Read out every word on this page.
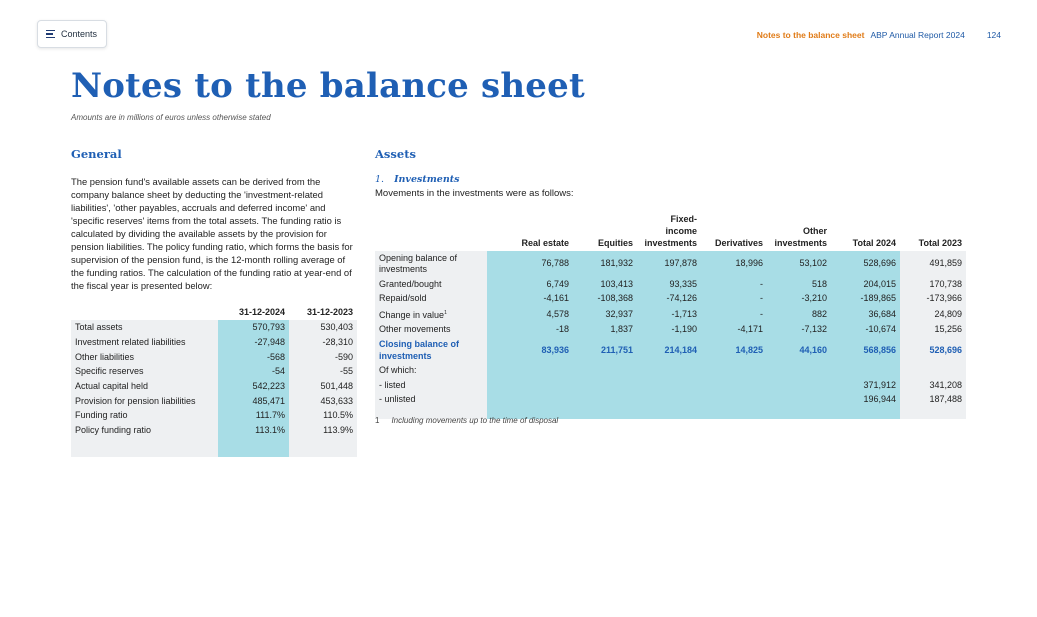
Contents	Notes to the balance sheet ABP Annual Report 2024	124
Notes to the balance sheet
Amounts are in millions of euros unless otherwise stated
General

The pension fund's available assets can be derived from the company balance sheet by deducting the 'investment-related liabilities', 'other payables, accruals and deferred income' and 'specific reserves' items from the total assets. The funding ratio is calculated by dividing the available assets by the provision for pension liabilities. The policy funding ratio, which forms the basis for supervision of the pension fund, is the 12-month rolling average of the funding ratios. The calculation of the funding ratio at year-end of the fiscal year is presented below:

	31-12-2024	31-12-2023
Total assets	570,793	530,403
Investment related liabilities	-27,948	-28,310
Other liabilities	-568	-590
Specific reserves	-54	-55
Actual capital held	542,223	501,448
Provision for pension liabilities	485,471	453,633
Funding ratio	111.7%	110.5%
Policy funding ratio	113.1%	113.9%

Assets
1. Investments
Movements in the investments were as follows:
	Real estate	Equities	Fixed-income investments	Derivatives	Other investments	Total 2024	Total 2023
Opening balance of investments	76,788	181,932	197,878	18,996	53,102	528,696	491,859
Granted/bought	6,749	103,413	93,335	-	518	204,015	170,738
Repaid/sold	-4,161	-108,368	-74,126	-	-3,210	-189,865	-173,966
Change in value$^1$	4,578	32,937	-1,713	-	882	36,684	24,809
Other movements	-18	1,837	-1,190	-4,171	-7,132	-10,674	15,256
Closing balance of investments	83,936	211,751	214,184	14,825	44,160	568,856	528,696
Of which:							
- listed						371,912	341,208
- unlisted						196,944	187,488

1 Including movements up to the time of disposal
